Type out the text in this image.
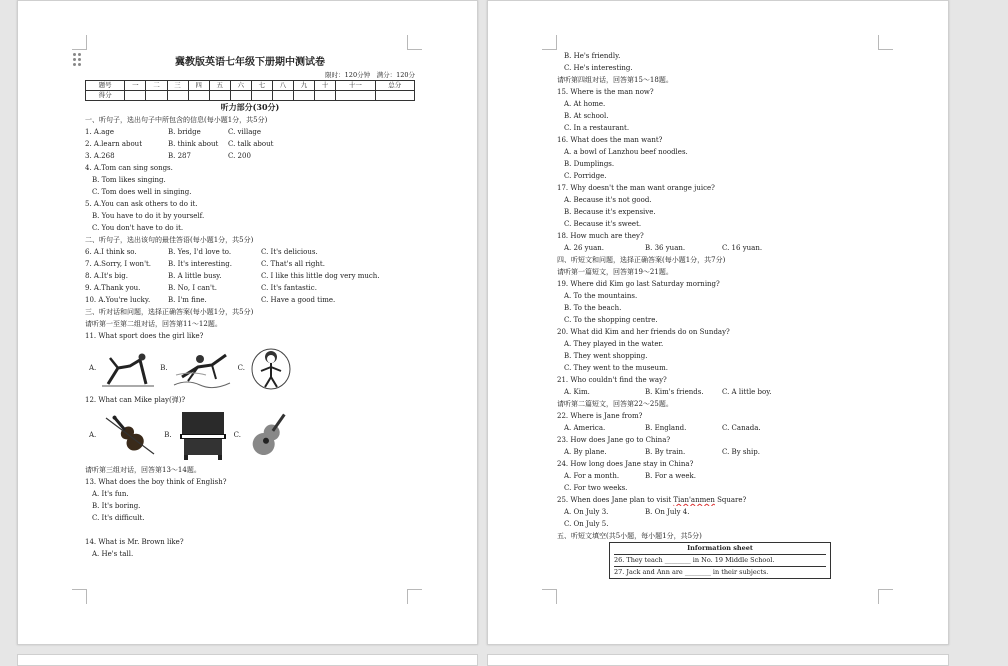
冀教版英语七年级下册期中测试卷
限时：120分钟　满分：120分
题号	一	二	三	四	五	六	七	八	九	十	十一	总分
得分												
听力部分(30分)
一、听句子，选出句子中所包含的信息(每小题1分，共5分)
1. A.age	B. bridge	C. village
2. A.learn about	B. think about	C. talk about
3. A.268	B. 287	C. 200
4. A.Tom can sing songs.
B. Tom likes singing.
C. Tom does well in singing.
5. A.You can ask others to do it.
B. You have to do it by yourself.
C. You don't have to do it.
二、听句子，选出该句的最佳答语(每小题1分，共5分)
6. A.I think so.	B. Yes, I'd love to.	C. It's delicious.
7. A.Sorry, I won't.	B. It's interesting.	C. That's all right.
8. A.It's big.	B. A little busy.	C. I like this little dog very much.
9. A.Thank you.	B. No, I can't.	C. It's fantastic.
10. A.You're lucky.	B. I'm fine.	C. Have a good time.
三、听对话和问题，选择正确答案(每小题1分，共5分)
请听第一至第二组对话，回答第11～12题。
11. What sport does the girl like?
A.	B.	C.
12. What can Mike play(弹)?
A.	B.	C.
请听第三组对话，回答第13～14题。
13. What does the boy think of English?
A. It's fun.
B. It's boring.
C. It's difficult.
14. What is Mr. Brown like?
A. He's tall.
B. He's friendly.
C. He's interesting.
请听第四组对话，回答第15～18题。
15. Where is the man now?
A. At home.
B. At school.
C. In a restaurant.
16. What does the man want?
A. a bowl of Lanzhou beef noodles.
B. Dumplings.
C. Porridge.
17. Why doesn't the man want orange juice?
A. Because it's not good.
B. Because it's expensive.
C. Because it's sweet.
18. How much are they?
A. 26 yuan.	B. 36 yuan.	C. 16 yuan.
四、听短文和问题，选择正确答案(每小题1分，共7分)
请听第一篇短文，回答第19～21题。
19. Where did Kim go last Saturday morning?
A. To the mountains.
B. To the beach.
C. To the shopping centre.
20. What did Kim and her friends do on Sunday?
A. They played in the water.
B. They went shopping.
C. They went to the museum.
21. Who couldn't find the way?
A. Kim.	B. Kim's friends.	C. A little boy.
请听第二篇短文，回答第22～25题。
22. Where is Jane from?
A. America.	B. England.	C. Canada.
23. How does Jane go to China?
A. By plane.	B. By train.	C. By ship.
24. How long does Jane stay in China?
A. For a month.	B. For a week.
C. For two weeks.
25. When does Jane plan to visit Tian'anmen Square?
A. On July 3.	B. On July 4.
C. On July 5.
五、听短文填空(共5小题，每小题1分，共5分)
Information sheet
26. They teach ________ in No. 19 Middle School.
27. Jack and Ann are ________ in their subjects.
